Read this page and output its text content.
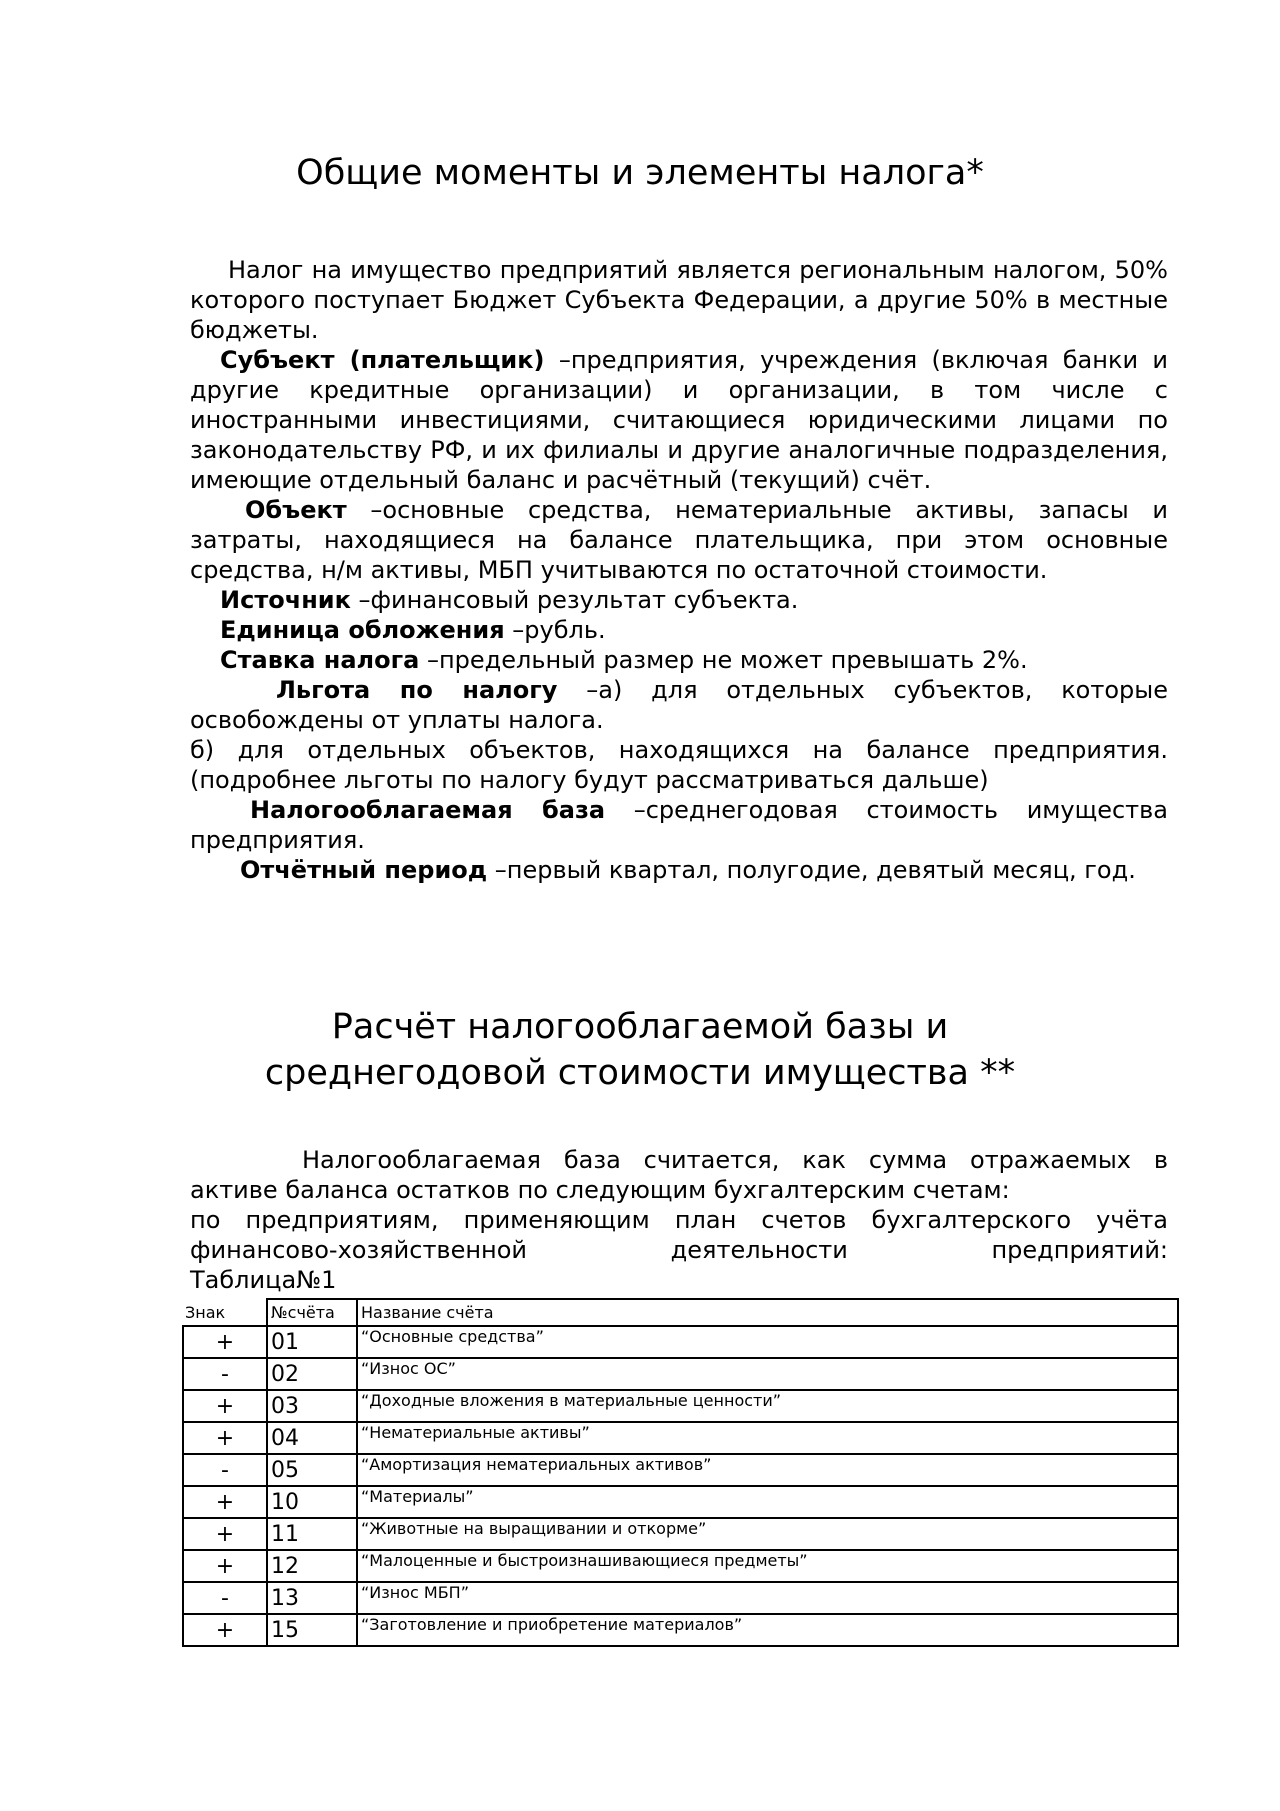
Общие моменты и элементы налога*

Налог на имущество предприятий является региональным налогом, 50% которого поступает Бюджет Субъекта Федерации, а другие 50% в местные бюджеты.

Субъект (плательщик) –предприятия, учреждения (включая банки и другие кредитные организации) и организации, в том числе с иностранными инвестициями, считающиеся юридическими лицами по законодательству РФ, и их филиалы и другие аналогичные подразделения, имеющие отдельный баланс и расчётный (текущий) счёт.

Объект –основные средства, нематериальные активы, запасы и затраты, находящиеся на балансе плательщика, при этом основные средства, н/м активы, МБП учитываются по остаточной стоимости.

Источник –финансовый результат субъекта.

Единица обложения –рубль.

Ставка налога –предельный размер не может превышать 2%.

Льгота по налогу –а) для отдельных субъектов, которые освобождены от уплаты налога.

б) для отдельных объектов, находящихся на балансе предприятия. (подробнее льготы по налогу будут рассматриваться дальше)

Налогооблагаемая база –среднегодовая стоимость имущества предприятия.

Отчётный период –первый квартал, полугодие, девятый месяц, год.

Расчёт налогооблагаемой базы и
среднегодовой стоимости имущества **

Налогооблагаемая база считается, как сумма отражаемых в активе баланса остатков по следующим бухгалтерским счетам:

по предприятиям, применяющим план счетов бухгалтерского учёта финансово-хозяйственной деятельности предприятий:

Таблица№1

Знак	№счёта	Название счёта
+	01	“Основные средства”
-	02	“Износ ОС”
+	03	“Доходные вложения в материальные ценности”
+	04	“Нематериальные активы”
-	05	“Амортизация нематериальных активов”
+	10	“Материалы”
+	11	“Животные на выращивании и откорме”
+	12	“Малоценные и быстроизнашивающиеся предметы”
-	13	“Износ МБП”
+	15	“Заготовление и приобретение материалов”
